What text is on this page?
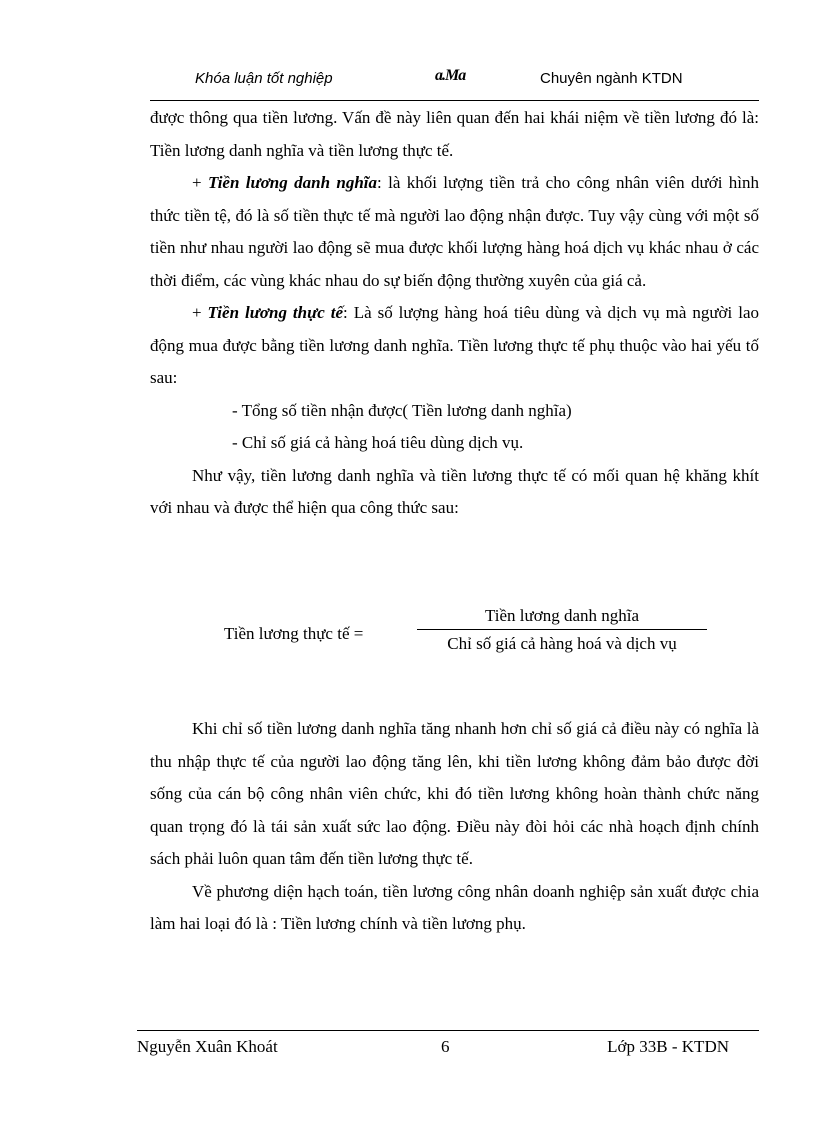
Khóa luận tốt nghiệp	a.Ma	Chuyên ngành KTDN

được thông qua tiền lương. Vấn đề này liên quan đến hai khái niệm về tiền lương đó là: Tiền lương danh nghĩa và tiền lương thực tế.

+ Tiền lương danh nghĩa: là khối lượng tiền trả cho công nhân viên dưới hình thức tiền tệ, đó là số tiền thực tế mà người lao động nhận được. Tuy vậy cùng với một số tiền như nhau người lao động sẽ mua được khối lượng hàng hoá dịch vụ khác nhau ở các thời điểm, các vùng khác nhau do sự biến động thường xuyên của giá cả.

+ Tiền lương thực tế: Là số lượng hàng hoá tiêu dùng và dịch vụ mà người lao động mua được bằng tiền lương danh nghĩa. Tiền lương thực tế phụ thuộc vào hai yếu tố sau:

- Tổng số tiền nhận được( Tiền lương danh nghĩa)

- Chỉ số giá cả hàng hoá tiêu dùng dịch vụ.

Như vậy, tiền lương danh nghĩa và tiền lương thực tế có mối quan hệ khăng khít với nhau và được thể hiện qua công thức sau:

Tiền lương thực tế =
Tiền lương danh nghĩa
Chỉ số giá cả hàng hoá và dịch vụ

Khi chỉ số tiền lương danh nghĩa tăng nhanh hơn chỉ số giá cả điều này có nghĩa là thu nhập thực tế của người lao động tăng lên, khi tiền lương không đảm bảo được đời sống của cán bộ công nhân viên chức, khi đó tiền lương không hoàn thành chức năng quan trọng đó là tái sản xuất sức lao động. Điều này đòi hỏi các nhà hoạch định chính sách phải luôn quan tâm đến tiền lương thực tế.

Về phương diện hạch toán, tiền lương công nhân doanh nghiệp sản xuất được chia làm hai loại đó là : Tiền lương chính và tiền lương phụ.

Nguyễn Xuân Khoát	6	Lớp 33B - KTDN
